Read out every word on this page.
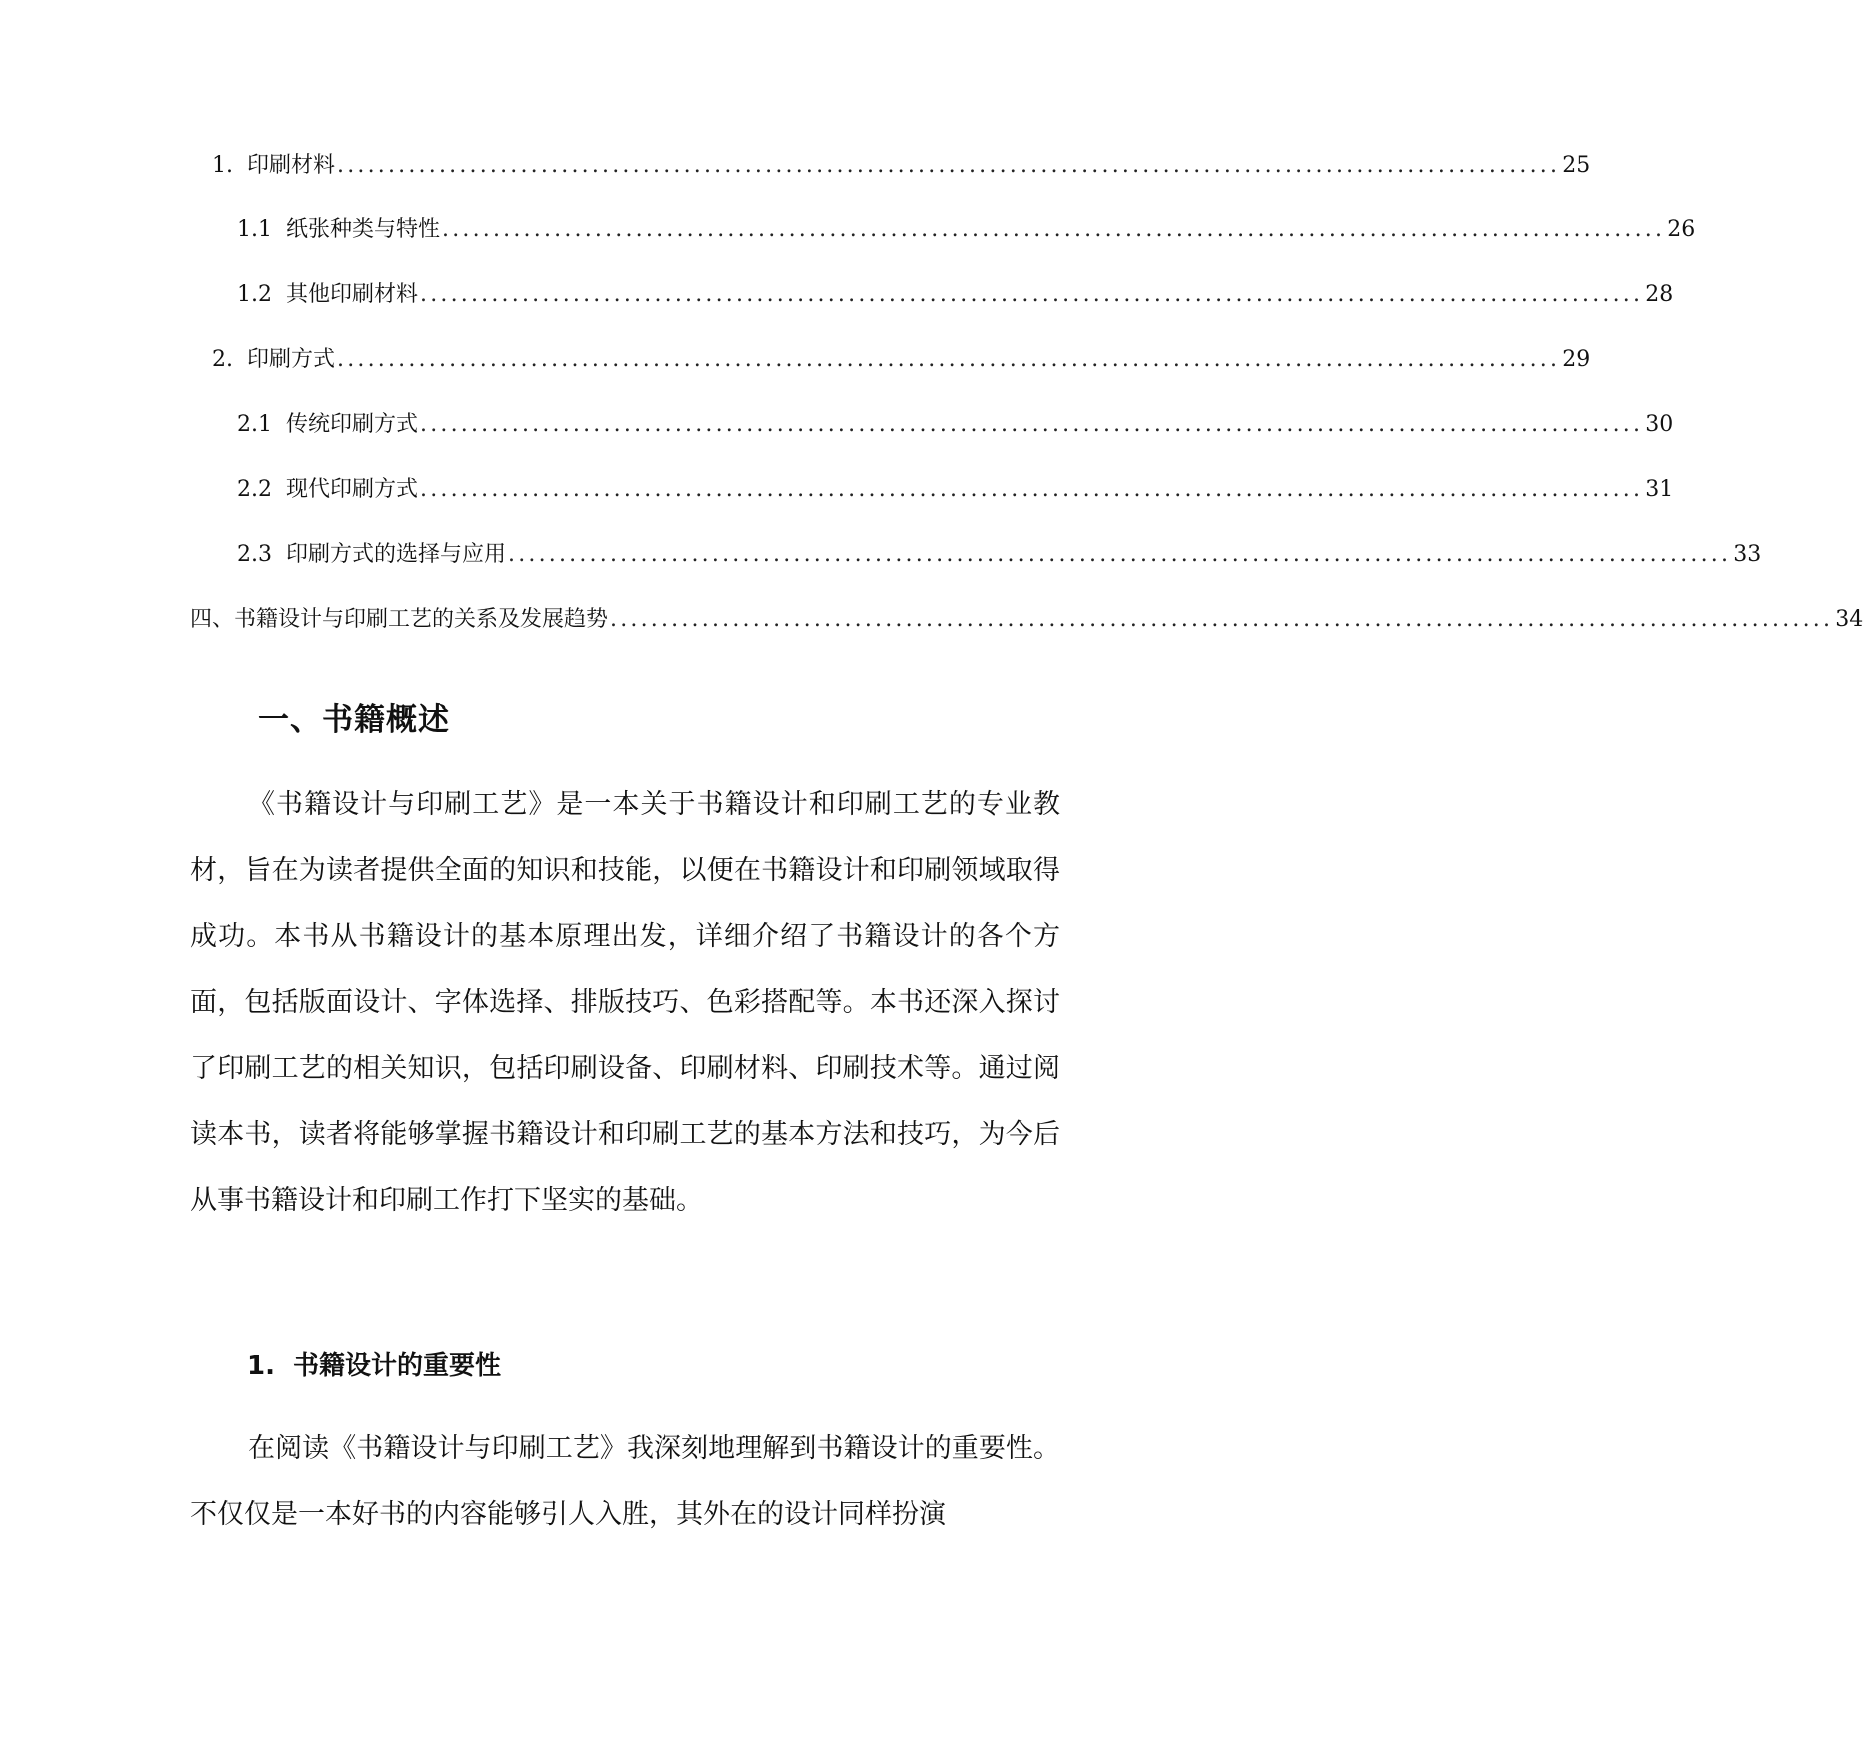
1. 印刷材料 ........................................................................................................................ 25
1.1 纸张种类与特性 ........................................................................................................................ 26
1.2 其他印刷材料 ........................................................................................................................ 28
2. 印刷方式 ........................................................................................................................ 29
2.1 传统印刷方式 ........................................................................................................................ 30
2.2 现代印刷方式 ........................................................................................................................ 31
2.3 印刷方式的选择与应用 ........................................................................................................................ 33
四、书籍设计与印刷工艺的关系及发展趋势 ........................................................................................................................ 34
一、书籍概述

《书籍设计与印刷工艺》是一本关于书籍设计和印刷工艺的专业教材，旨在为读者提供全面的知识和技能，以便在书籍设计和印刷领域取得成功。本书从书籍设计的基本原理出发，详细介绍了书籍设计的各个方面，包括版面设计、字体选择、排版技巧、色彩搭配等。本书还深入探讨了印刷工艺的相关知识，包括印刷设备、印刷材料、印刷技术等。通过阅读本书，读者将能够掌握书籍设计和印刷工艺的基本方法和技巧，为今后从事书籍设计和印刷工作打下坚实的基础。

1. 书籍设计的重要性

在阅读《书籍设计与印刷工艺》我深刻地理解到书籍设计的重要性。不仅仅是一本好书的内容能够引人入胜，其外在的设计同样扮演
